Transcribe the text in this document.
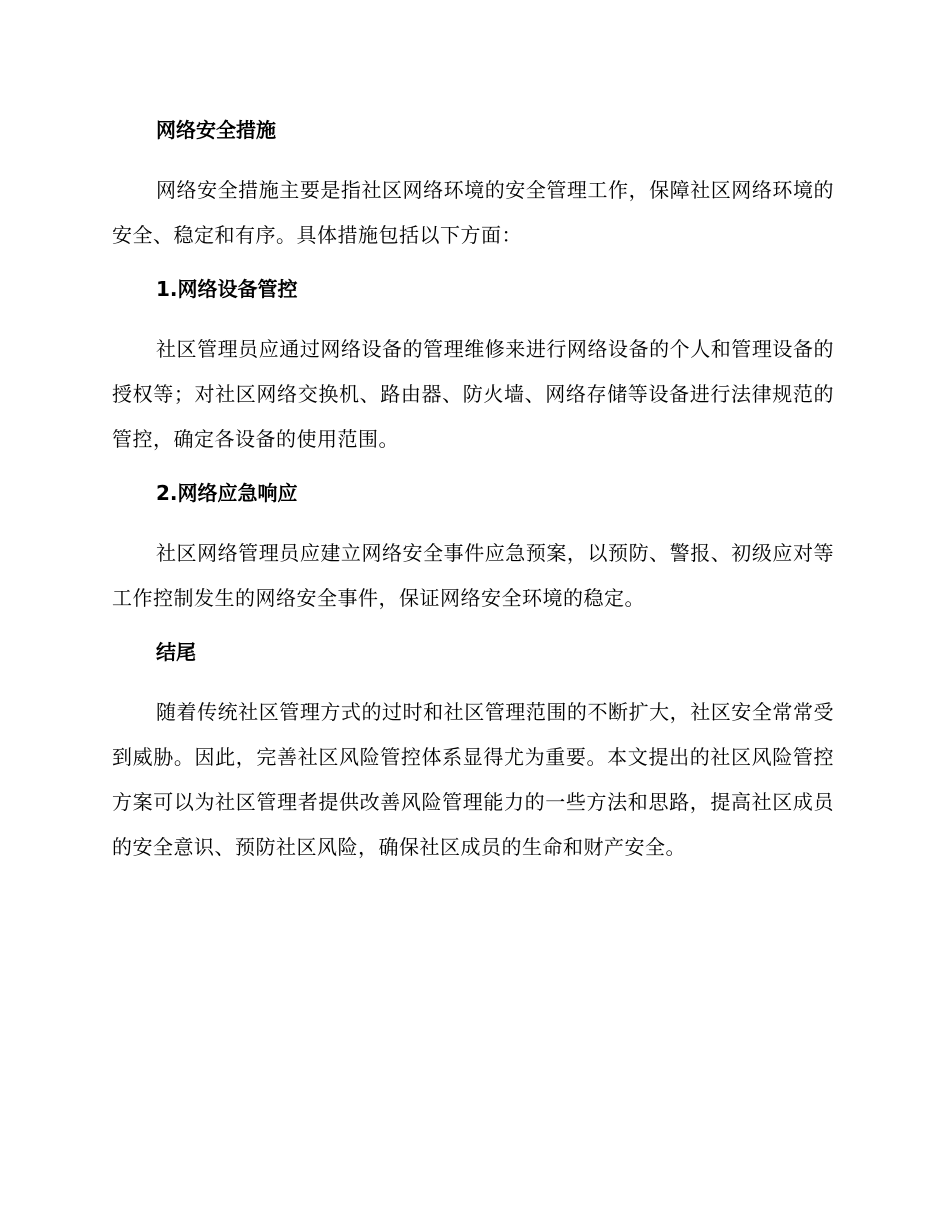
网络安全措施

网络安全措施主要是指社区网络环境的安全管理工作，保障社区网络环境的安全、稳定和有序。具体措施包括以下方面：

1.网络设备管控

社区管理员应通过网络设备的管理维修来进行网络设备的个人和管理设备的授权等；对社区网络交换机、路由器、防火墙、网络存储等设备进行法律规范的管控，确定各设备的使用范围。

2.网络应急响应

社区网络管理员应建立网络安全事件应急预案，以预防、警报、初级应对等工作控制发生的网络安全事件，保证网络安全环境的稳定。

结尾

随着传统社区管理方式的过时和社区管理范围的不断扩大，社区安全常常受到威胁。因此，完善社区风险管控体系显得尤为重要。本文提出的社区风险管控方案可以为社区管理者提供改善风险管理能力的一些方法和思路，提高社区成员的安全意识、预防社区风险，确保社区成员的生命和财产安全。
